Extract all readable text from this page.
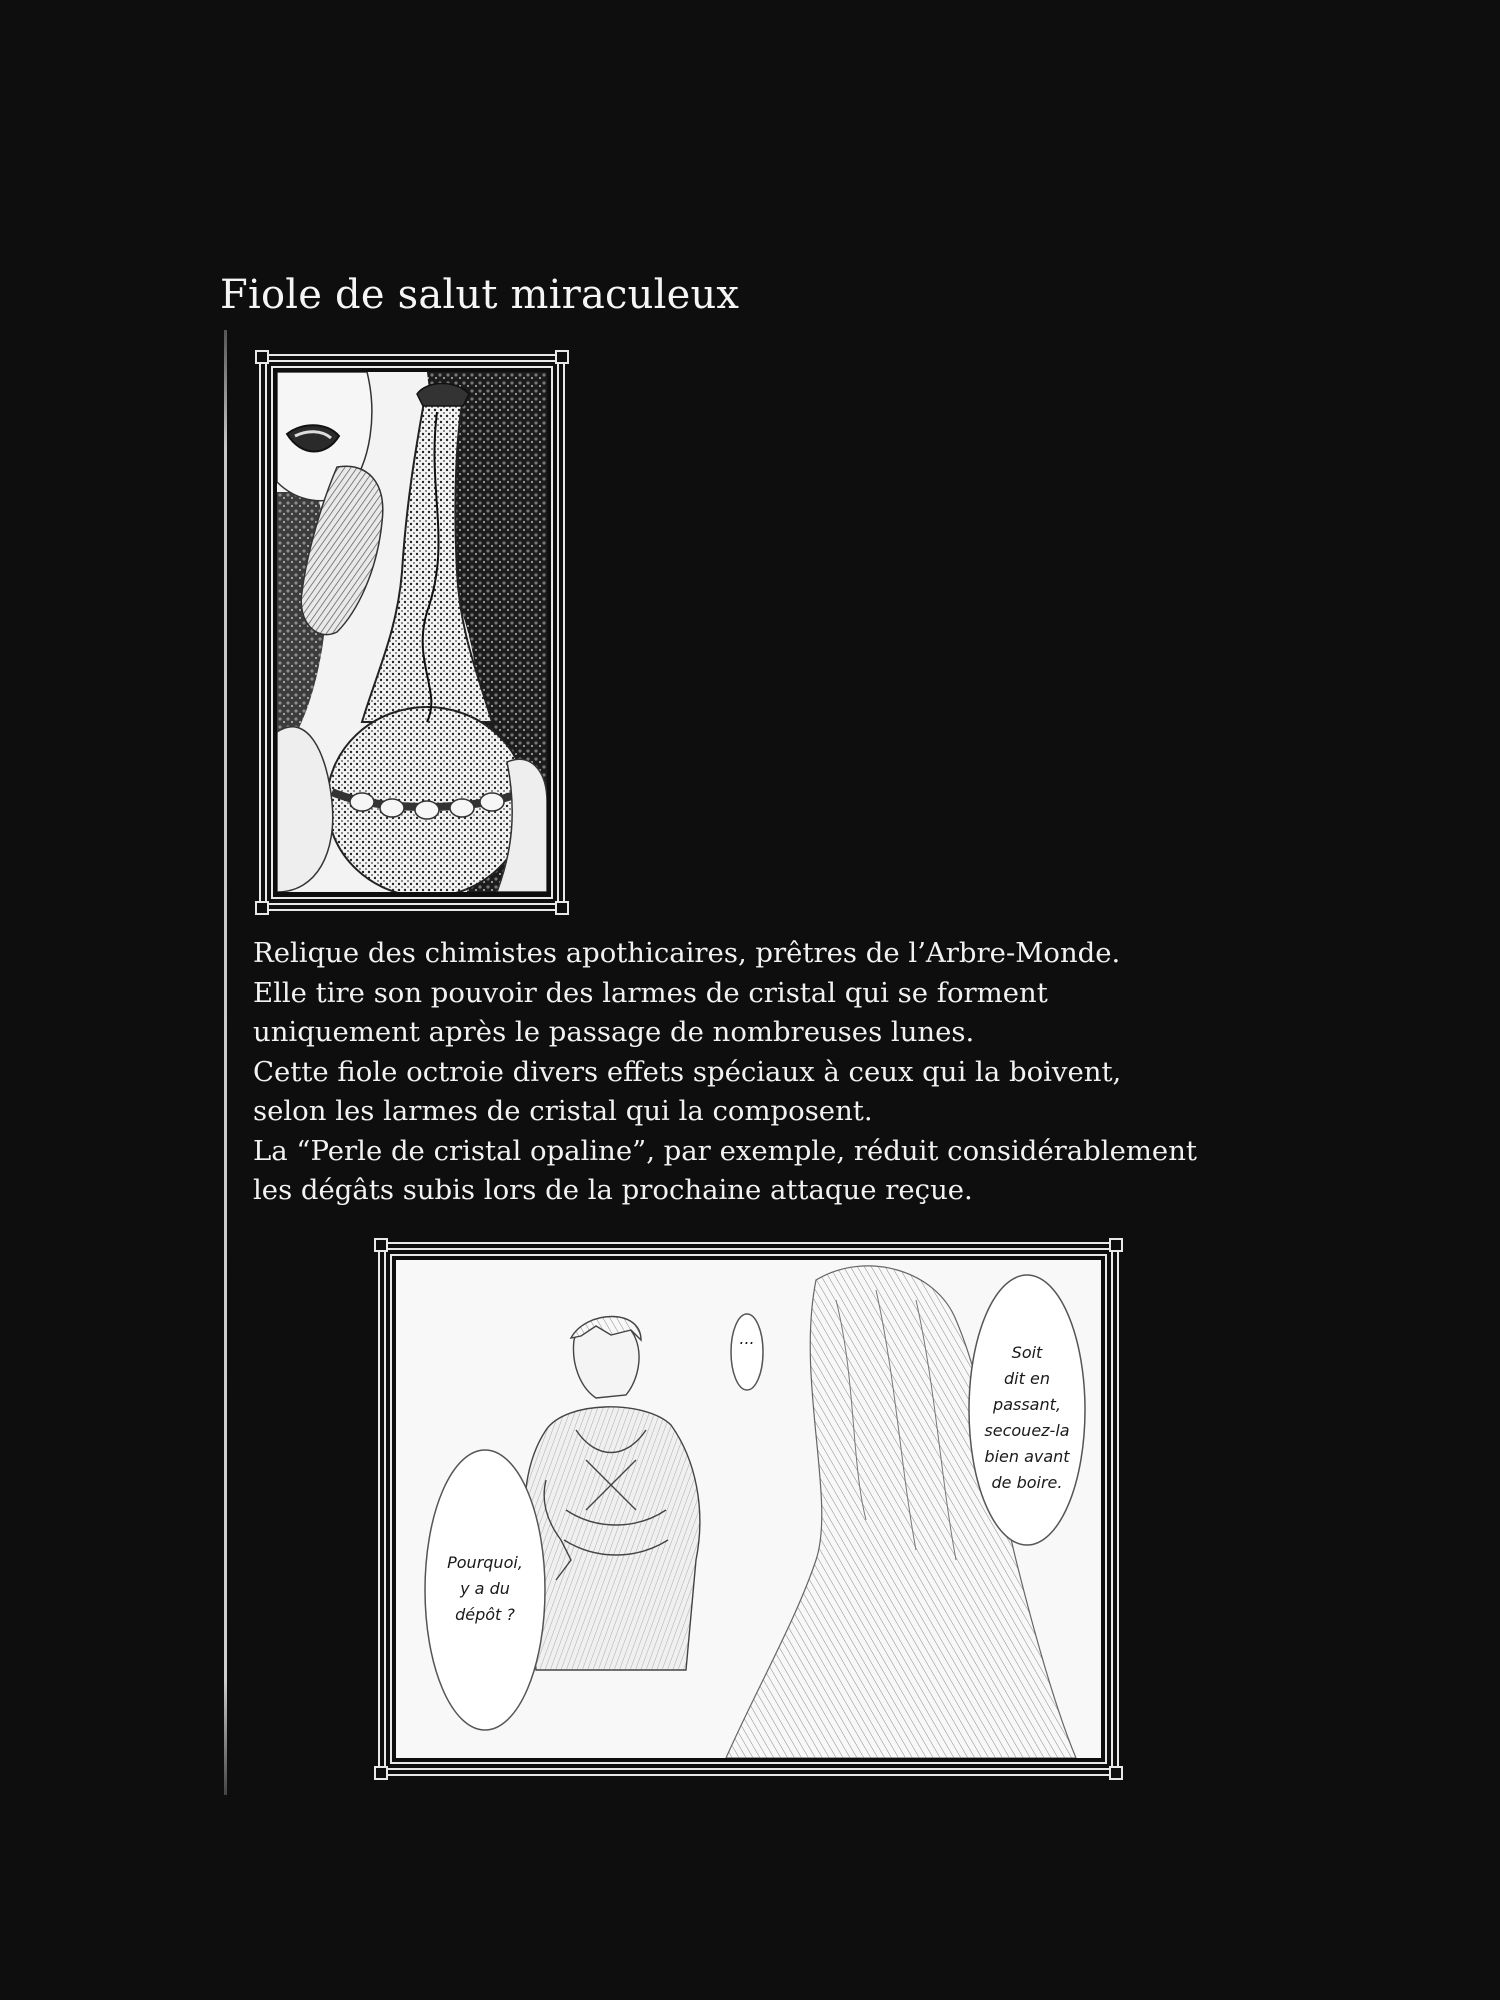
Fiole de salut miraculeux
Relique des chimistes apothicaires, prêtres de l’Arbre-Monde.
Elle tire son pouvoir des larmes de cristal qui se forment
uniquement après le passage de nombreuses lunes.
Cette fiole octroie divers effets spéciaux à ceux qui la boivent,
selon les larmes de cristal qui la composent.
La “Perle de cristal opaline”, par exemple, réduit considérablement
les dégâts subis lors de la prochaine attaque reçue.
...
Soit
dit en
passant,
secouez-la
bien avant
de boire.
Pourquoi,
y a du
dépôt ?
